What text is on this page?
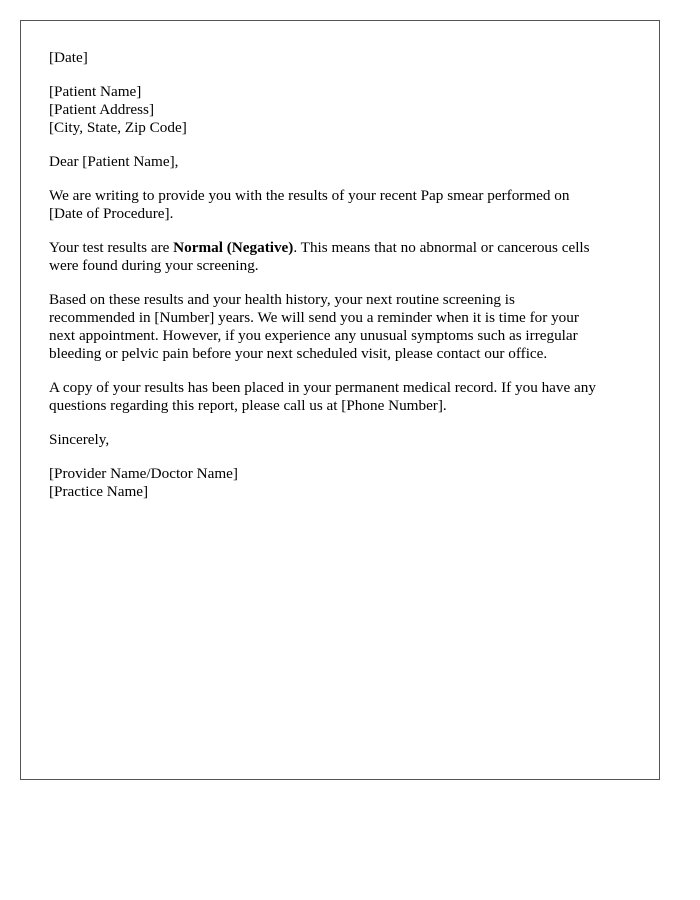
[Date]
[Patient Name]
[Patient Address]
[City, State, Zip Code]
Dear [Patient Name],
We are writing to provide you with the results of your recent Pap smear performed on
[Date of Procedure].
Your test results are Normal (Negative). This means that no abnormal or cancerous cells
were found during your screening.
Based on these results and your health history, your next routine screening is
recommended in [Number] years. We will send you a reminder when it is time for your
next appointment. However, if you experience any unusual symptoms such as irregular
bleeding or pelvic pain before your next scheduled visit, please contact our office.
A copy of your results has been placed in your permanent medical record. If you have any
questions regarding this report, please call us at [Phone Number].
Sincerely,
[Provider Name/Doctor Name]
[Practice Name]
